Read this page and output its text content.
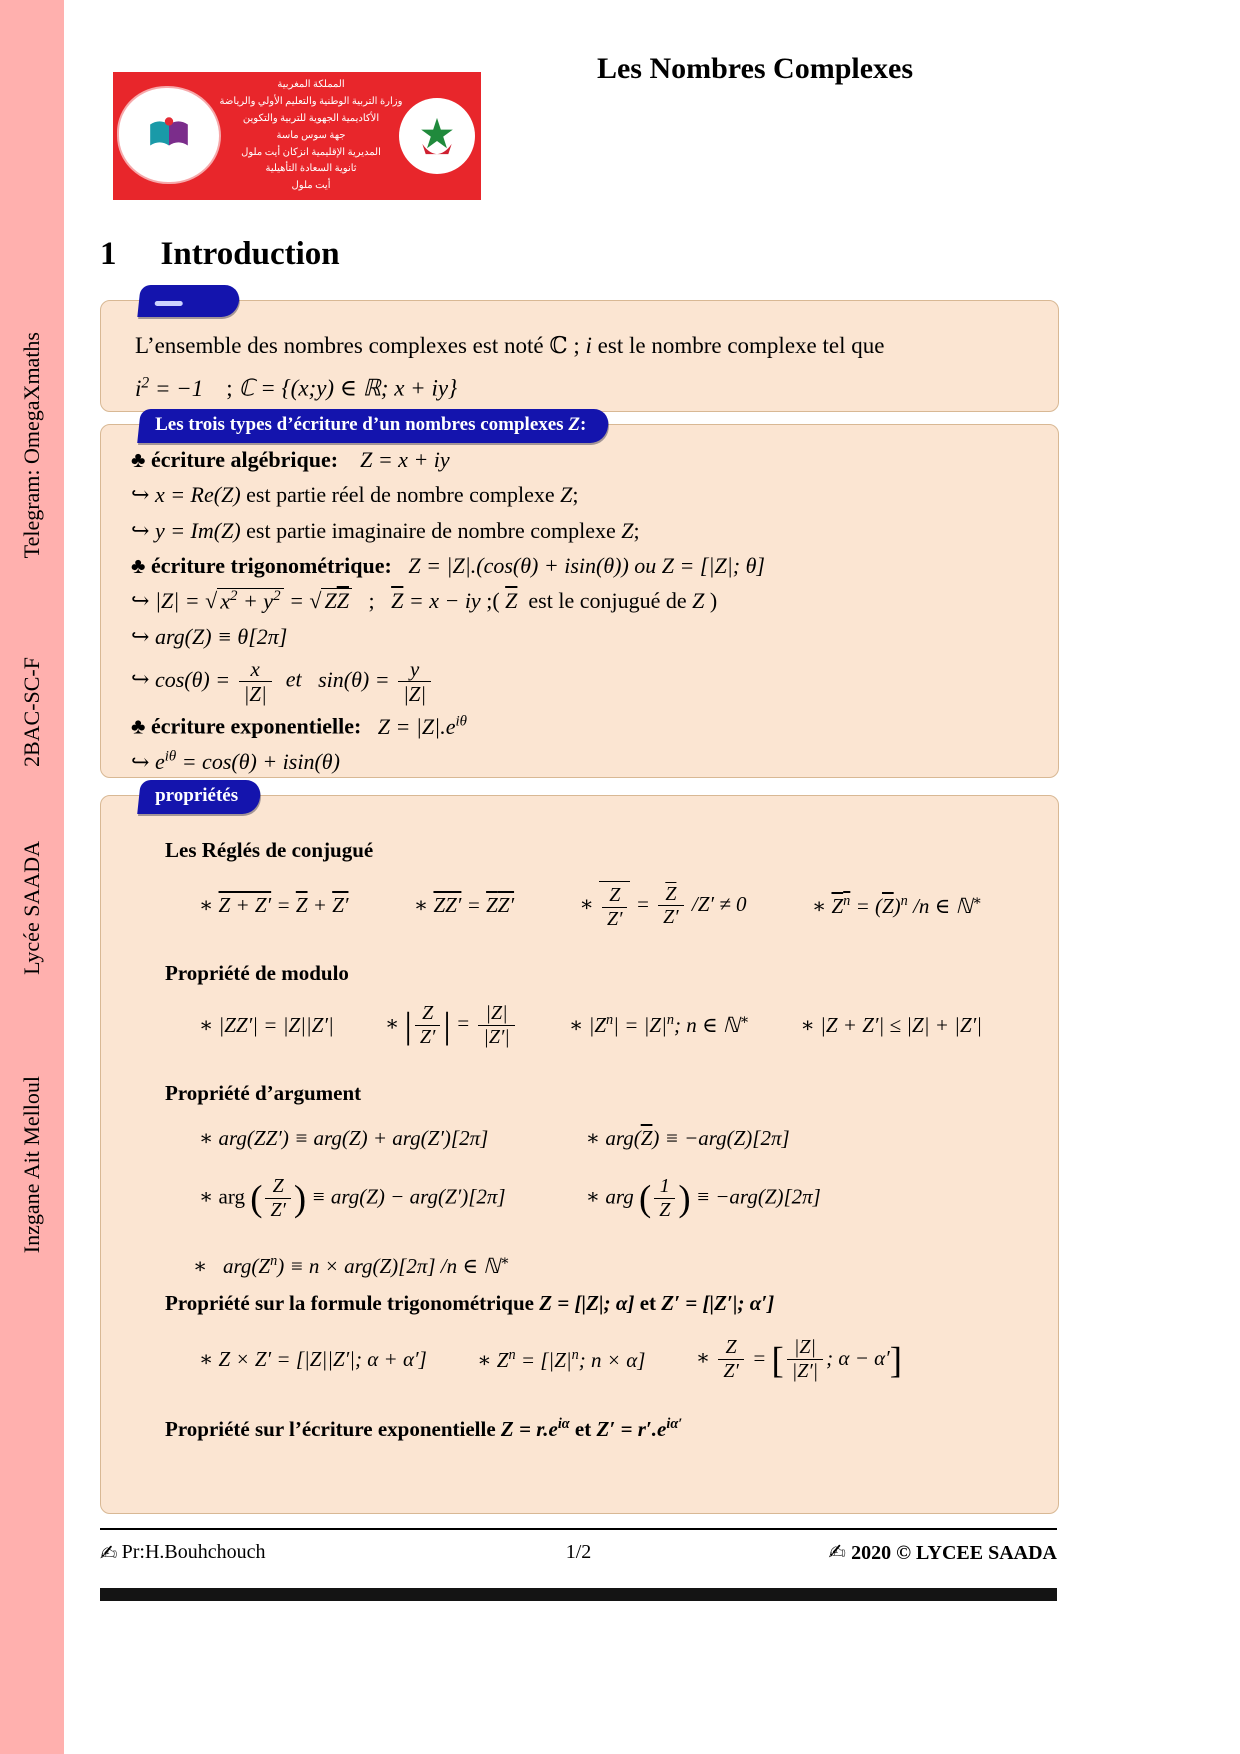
Telegram: OmegaXmaths
2BAC-SC-F
Lycée SAADA
Inzgane Ait Melloul
المملكة المغربية
وزارة التربية الوطنية والتعليم الأولي والرياضة
الأكاديمية الجهوية للتربية والتكوين
جهة سوس ماسة
المديرية الإقليمية انزكان أيت ملول
ثانوية السعادة التأهيلية
أيت ملول
Les Nombres Complexes
1 Introduction
L’ensemble des nombres complexes est noté ℂ ; i est le nombre complexe tel que
$i^2 = -1$    ; ℂ = {(x;y) ∈ ℝ; x + iy}
Les trois types d’écriture d’un nombres complexes Z:
♣ écriture algébrique: Z = x + iy
↪ x = Re(Z) est partie réel de nombre complexe Z;
↪ y = Im(Z) est partie imaginaire de nombre complexe Z;
♣ écriture trigonométrique: Z = |Z|.(cos(θ) + isin(θ)) ou Z = [|Z|; θ]
↪ |Z| = √ $x^2 + y^2$ = √ $Z\overline{Z}$   ;   $\overline{Z} = x$ − iy ;( $\overline{Z}$  est le conjugué de Z )
↪ arg(Z) ≡ θ[2π]
↪ $\cos(\theta) = \frac{x}{|Z|}$ et $\sin(\theta) = \frac{y}{|Z|}$
♣ écriture exponentielle: $Z = |Z|.e^{i\theta}$
↪ $e^{i\theta} = \cos(\theta) + isin(\theta)$
propriétés
Les Réglés de conjugué
∗ $Z + Z' = \overline{Z} + Z'$	∗ $ZZ' = \overline{Z}Z'$	∗ $\frac{Z}{Z'} = \frac{\overline{Z}}{Z'} /Z' \ne 0$	∗ $Z^n = (\overline{Z})^n$ /n ∈ ℕ∗
Propriété de modulo
∗ |ZZ′| = |Z||Z′| ∗ | $\frac{Z}{Z'}$ | = $\frac{|Z|}{|Z'|}$	∗ $|Z^n| = |Z|^n$; n ∈ ℕ∗ ∗ |Z + Z′| ≤ |Z| + |Z′|
Propriété d’argument
∗ arg(ZZ′) ≡ arg(Z) + arg(Z′)[2π]	∗ $arg(\overline{Z}) \equiv -arg(Z)[2\pi]$
∗ arg ( $\frac{Z}{Z'}$ ) ≡ arg(Z) − arg(Z′)[2π]	∗ arg ( $\frac{1}{Z}$ ) ≡ −arg(Z)[2π]
∗   $arg(Z^n) \equiv n \times arg(Z)[2\pi]$ /n ∈ ℕ∗
Propriété sur la formule trigonométrique Z = [|Z|; α] et Z′ = [|Z′|; α′]
∗ Z × Z′ = [|Z||Z′|; α + α′] ∗ $Z^n = [|Z|^n$; n × α] ∗ $\frac{Z}{Z'}$ = [ $\frac{|Z|}{|Z'|}$ ; α − α′]
Propriété sur l’écriture exponentielle $Z = r.e^{i\alpha}$ et $Z' = r'.e^{i\alpha'}$
✍ Pr:H.Bouhchouch	1/2	✍ 2020 © LYCEE SAADA
